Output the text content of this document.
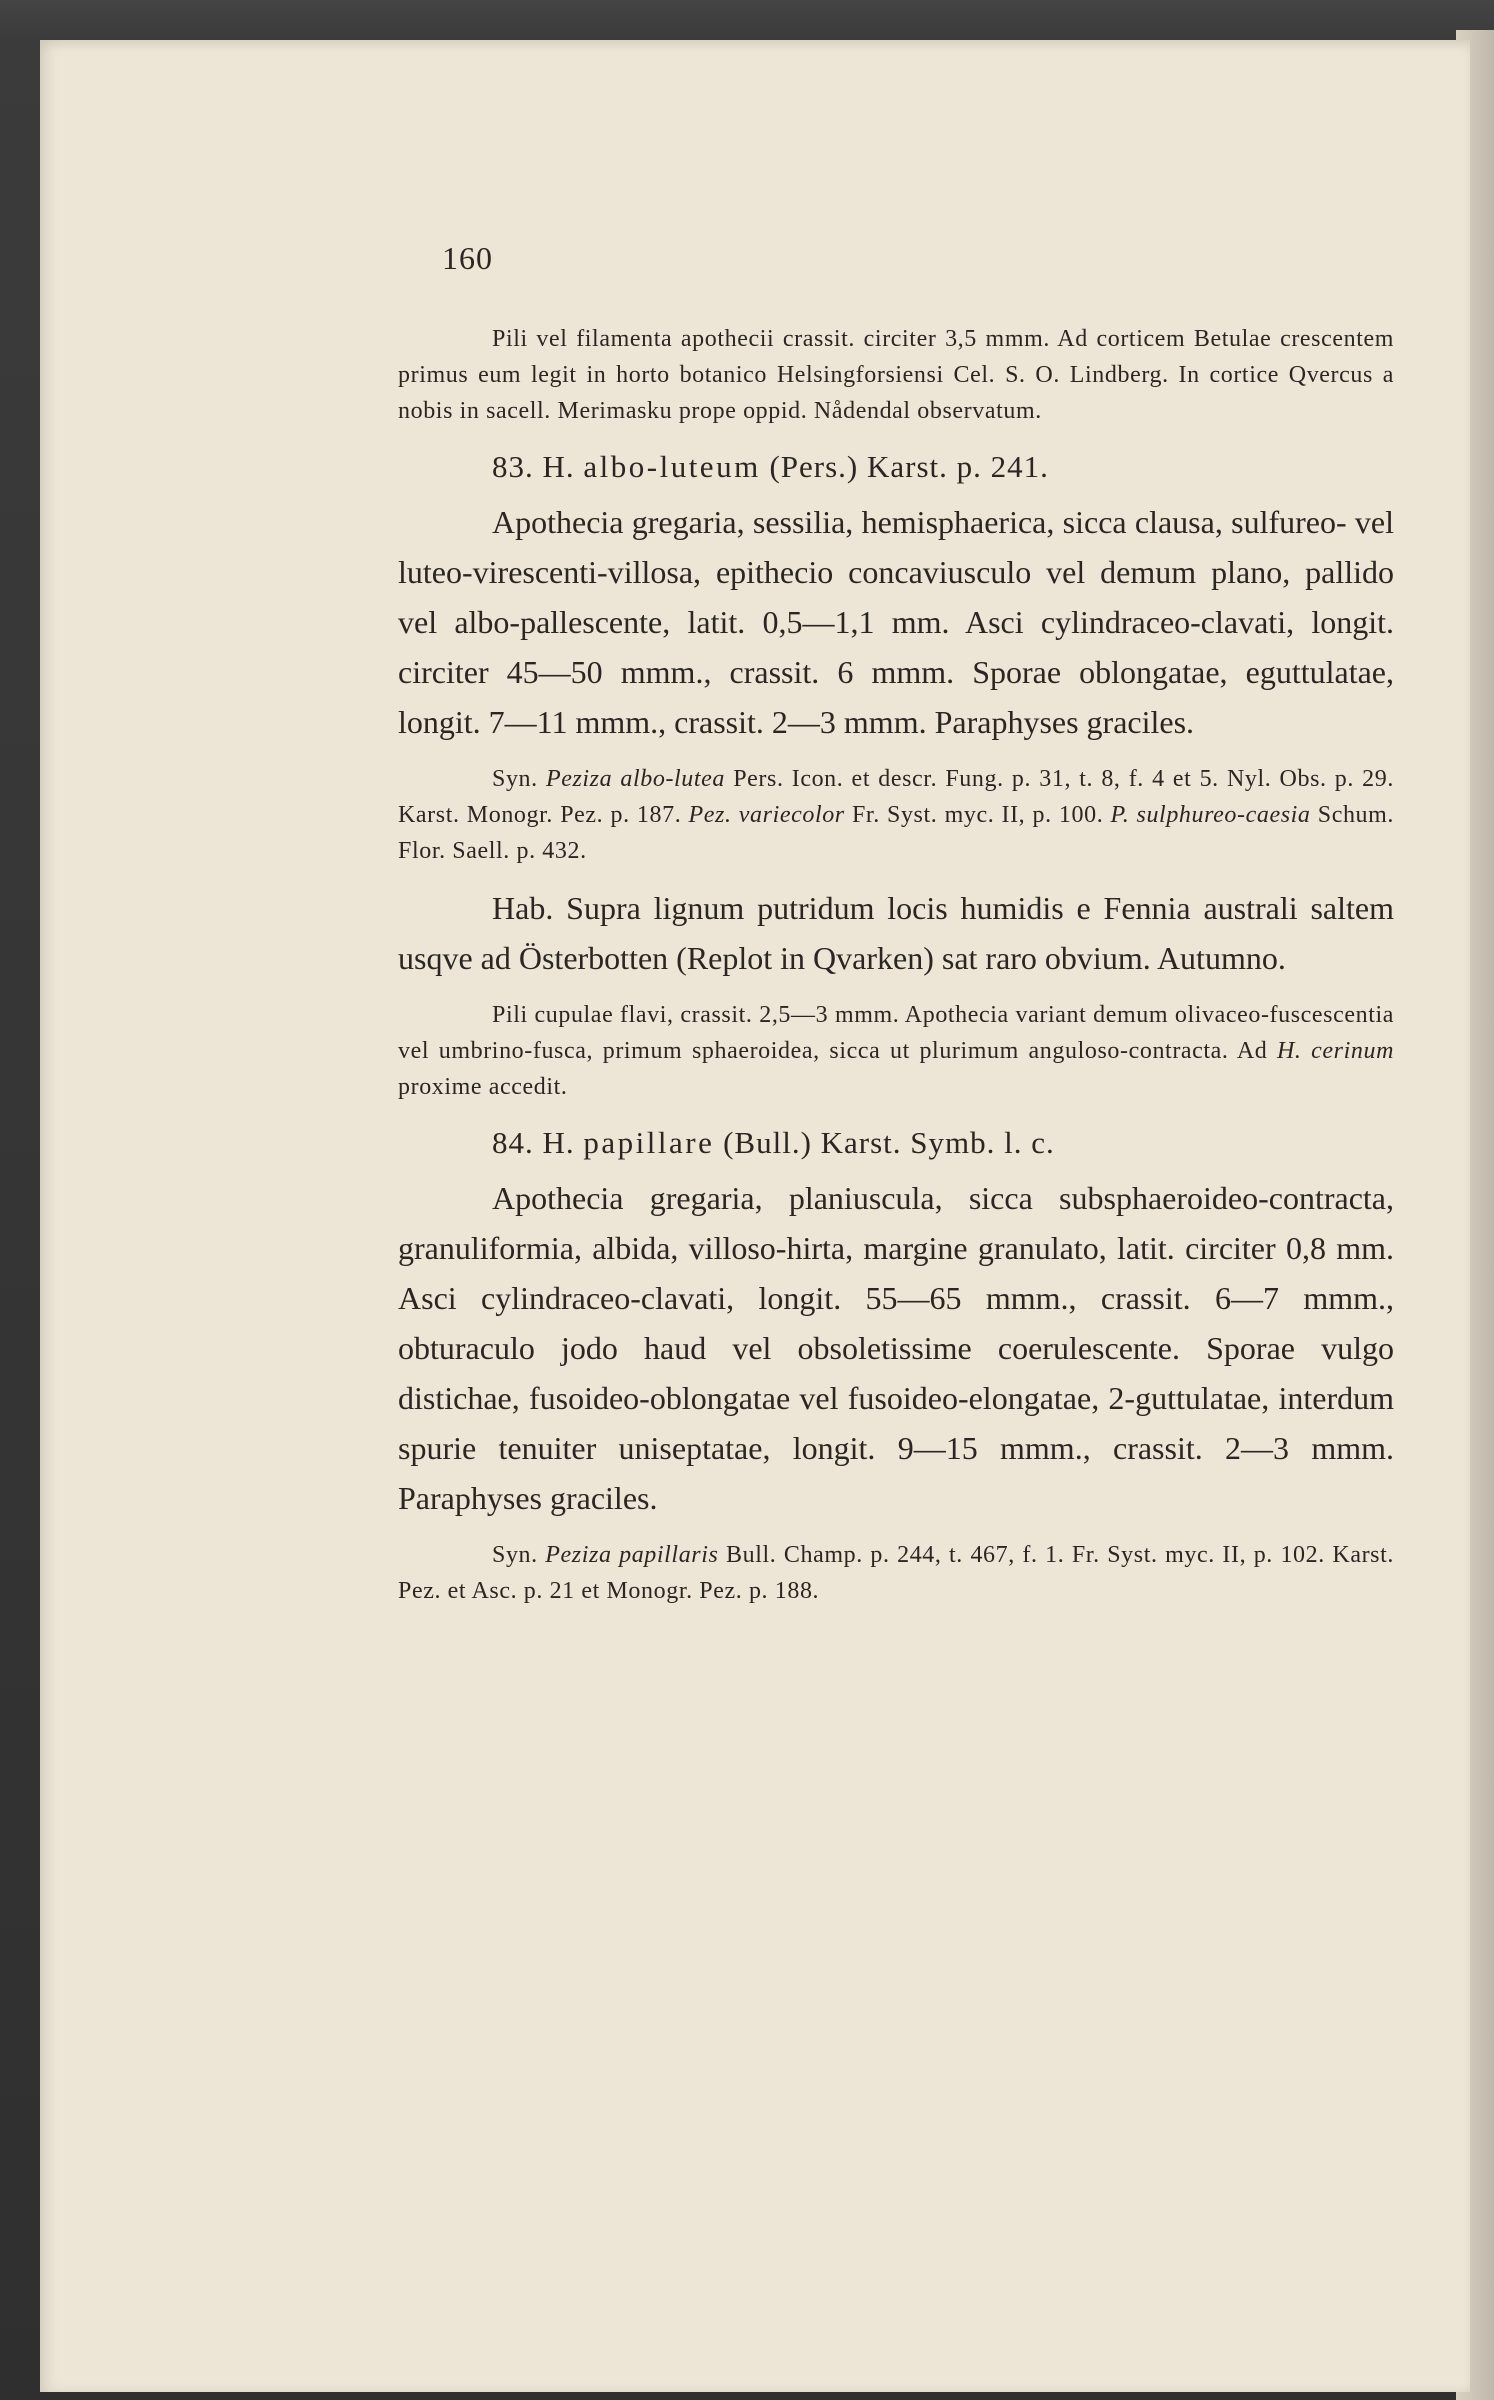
160

Pili vel filamenta apothecii crassit. circiter 3,5 mmm. Ad corticem Betulae crescentem primus eum legit in horto botanico Helsingforsiensi Cel. S. O. Lindberg. In cortice Qvercus a nobis in sacell. Merimasku prope oppid. Nådendal observatum.

83. H. albo-luteum (Pers.) Karst. p. 241.

Apothecia gregaria, sessilia, hemisphaerica, sicca clausa, sulfureo- vel luteo-virescenti-villosa, epithecio concaviusculo vel demum plano, pallido vel albo-pallescente, latit. 0,5—1,1 mm. Asci cylindraceo-clavati, longit. circiter 45—50 mmm., crassit. 6 mmm. Sporae oblongatae, eguttulatae, longit. 7—11 mmm., crassit. 2—3 mmm. Paraphyses graciles.

Syn. Peziza albo-lutea Pers. Icon. et descr. Fung. p. 31, t. 8, f. 4 et 5. Nyl. Obs. p. 29. Karst. Monogr. Pez. p. 187. Pez. variecolor Fr. Syst. myc. II, p. 100. P. sulphureo-caesia Schum. Flor. Saell. p. 432.

Hab. Supra lignum putridum locis humidis e Fennia australi saltem usqve ad Österbotten (Replot in Qvarken) sat raro obvium. Autumno.

Pili cupulae flavi, crassit. 2,5—3 mmm. Apothecia variant demum olivaceo-fuscescentia vel umbrino-fusca, primum sphaeroidea, sicca ut plurimum anguloso-contracta. Ad H. cerinum proxime accedit.

84. H. papillare (Bull.) Karst. Symb. l. c.

Apothecia gregaria, planiuscula, sicca subsphaeroideo-contracta, granuliformia, albida, villoso-hirta, margine granulato, latit. circiter 0,8 mm. Asci cylindraceo-clavati, longit. 55—65 mmm., crassit. 6—7 mmm., obturaculo jodo haud vel obsoletissime coerulescente. Sporae vulgo distichae, fusoideo-oblongatae vel fusoideo-elongatae, 2-guttulatae, interdum spurie tenuiter uniseptatae, longit. 9—15 mmm., crassit. 2—3 mmm. Paraphyses graciles.

Syn. Peziza papillaris Bull. Champ. p. 244, t. 467, f. 1. Fr. Syst. myc. II, p. 102. Karst. Pez. et Asc. p. 21 et Monogr. Pez. p. 188.
